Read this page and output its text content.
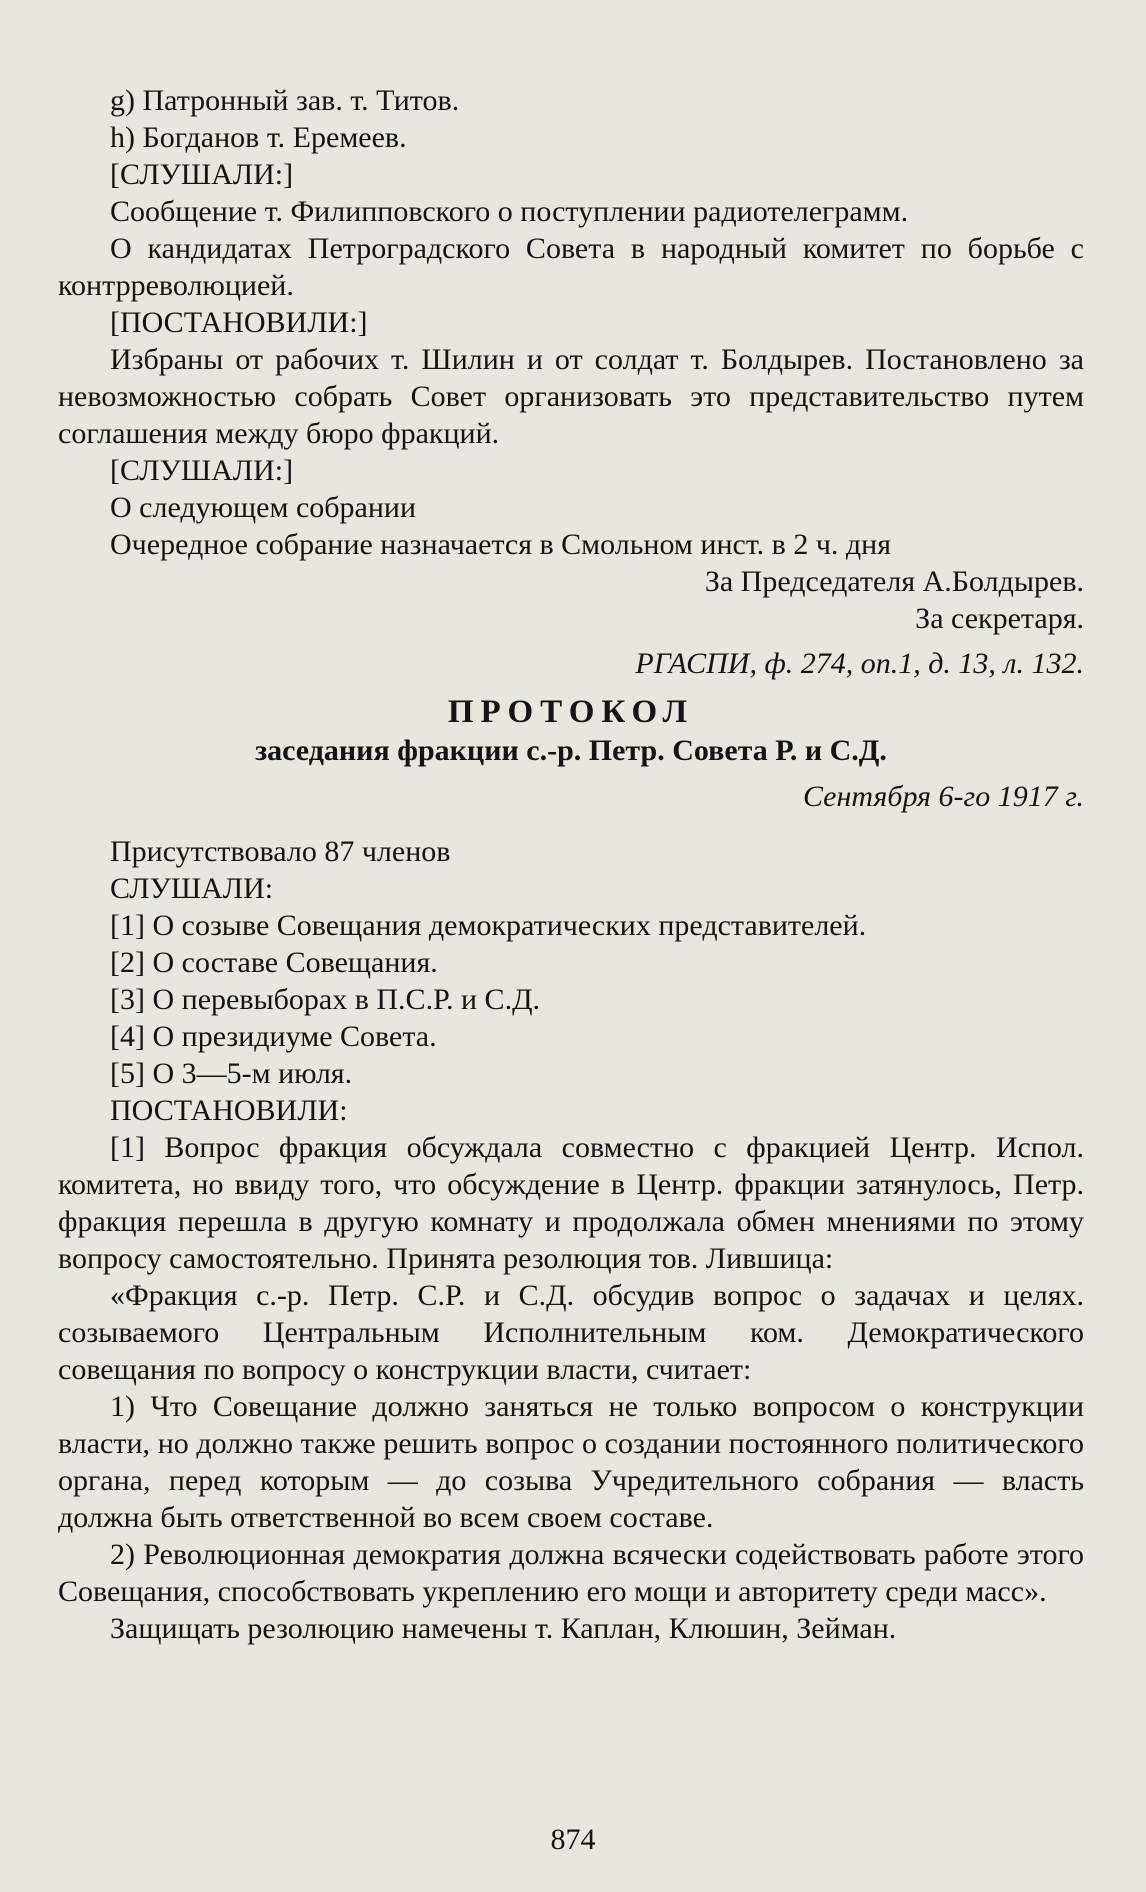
g) Патронный зав. т. Титов.

h) Богданов т. Еремеев.

[СЛУШАЛИ:]

Сообщение т. Филипповского о поступлении радиотелеграмм.

О кандидатах Петроградского Совета в народный комитет по борьбе с контрреволюцией.

[ПОСТАНОВИЛИ:]

Избраны от рабочих т. Шилин и от солдат т. Болдырев. Постановлено за невозможностью собрать Совет организовать это представительство путем соглашения между бюро фракций.

[СЛУШАЛИ:]

О следующем собрании

Очередное собрание назначается в Смольном инст. в 2 ч. дня

За Председателя А.Болдырев.

За секретаря.

РГАСПИ, ф. 274, оп.1, д. 13, л. 132.

ПРОТОКОЛ

заседания фракции с.-р. Петр. Совета Р. и С.Д.

Сентября 6-го 1917 г.

Присутствовало 87 членов

СЛУШАЛИ:

[1] О созыве Совещания демократических представителей.

[2] О составе Совещания.

[3] О перевыборах в П.С.Р. и С.Д.

[4] О президиуме Совета.

[5] О 3—5-м июля.

ПОСТАНОВИЛИ:

[1] Вопрос фракция обсуждала совместно с фракцией Центр. Испол. комитета, но ввиду того, что обсуждение в Центр. фракции затянулось, Петр. фракция перешла в другую комнату и продолжала обмен мнениями по этому вопросу самостоятельно. Принята резолюция тов. Лившица:

«Фракция с.-р. Петр. С.Р. и С.Д. обсудив вопрос о задачах и целях. созываемого Центральным Исполнительным ком. Демократического совещания по вопросу о конструкции власти, считает:

1) Что Совещание должно заняться не только вопросом о конструкции власти, но должно также решить вопрос о создании постоянного политического органа, перед которым — до созыва Учредительного собрания — власть должна быть ответственной во всем своем составе.

2) Революционная демократия должна всячески содействовать работе этого Совещания, способствовать укреплению его мощи и авторитету среди масс».

Защищать резолюцию намечены т. Каплан, Клюшин, Зейман.

874
